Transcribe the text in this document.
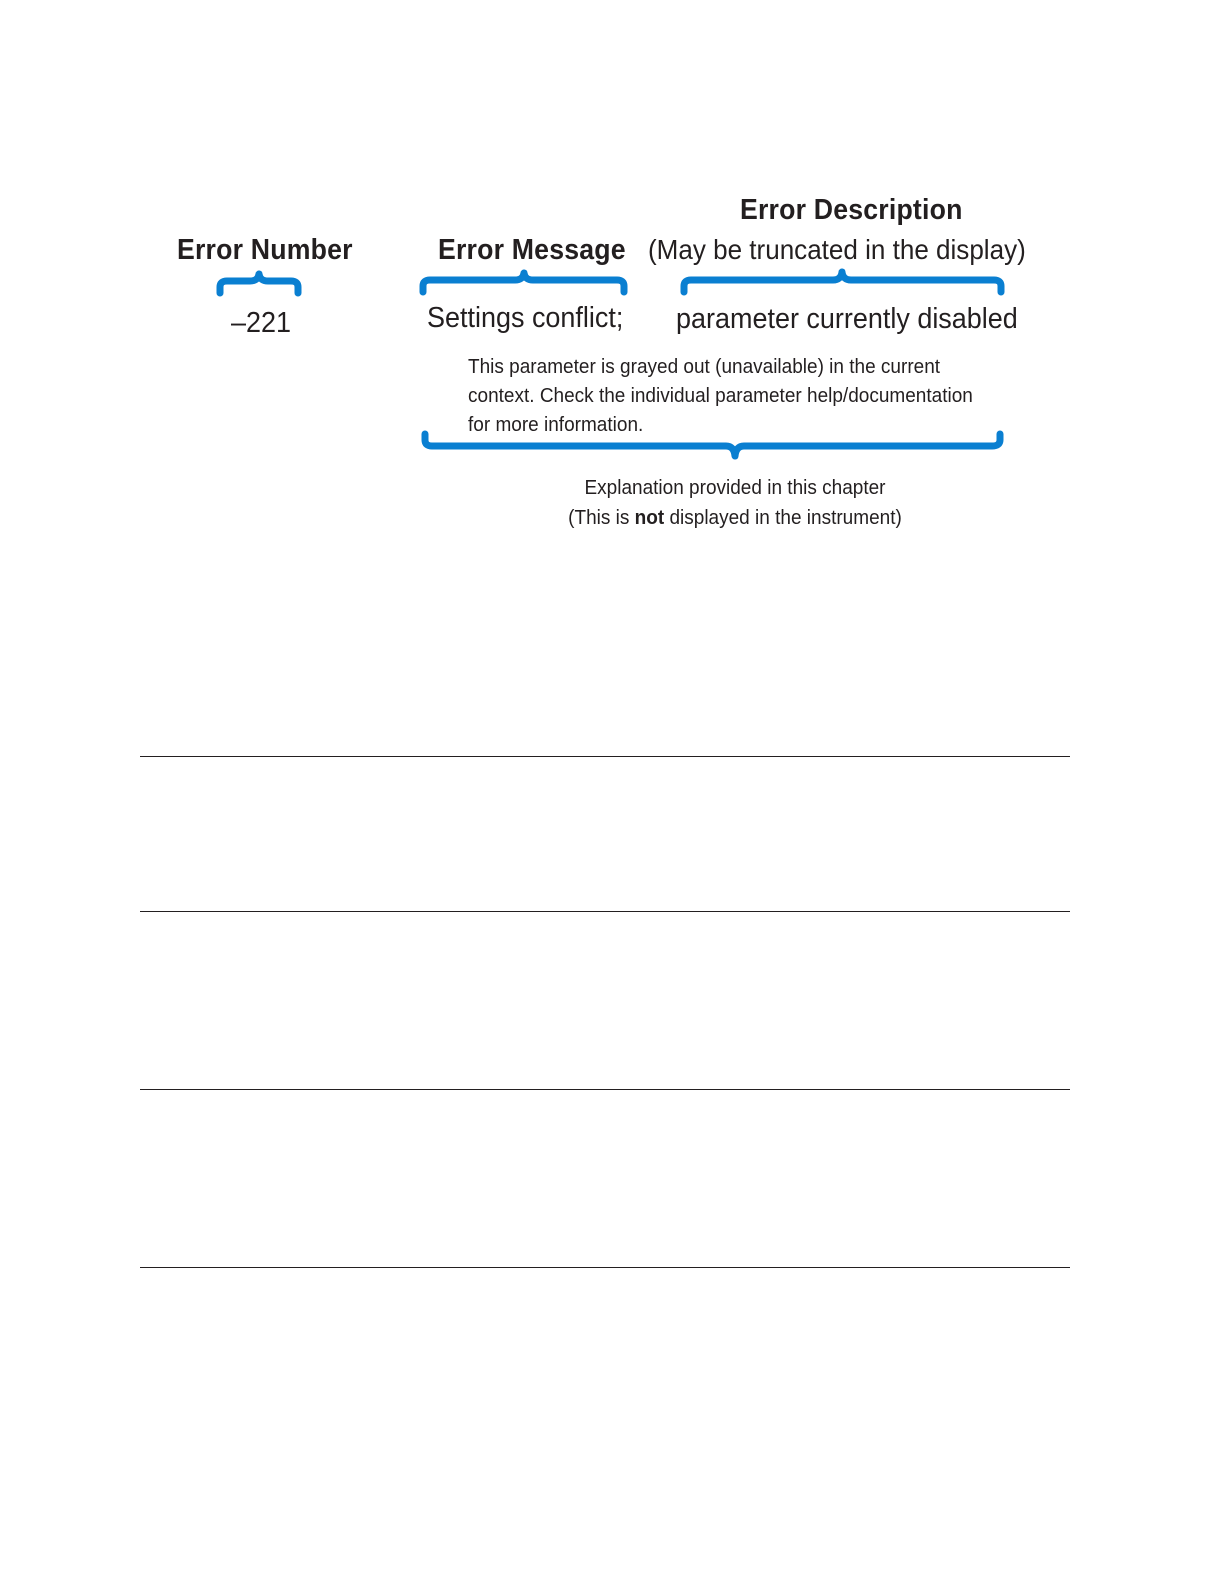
Error Number
–221
Error Message
Settings conflict;
Error Description
(May be truncated in the display)
parameter currently disabled
This parameter is grayed out (unavailable) in the current
context. Check the individual parameter help/documentation
for more information.
Explanation provided in this chapter
(This is not displayed in the instrument)
